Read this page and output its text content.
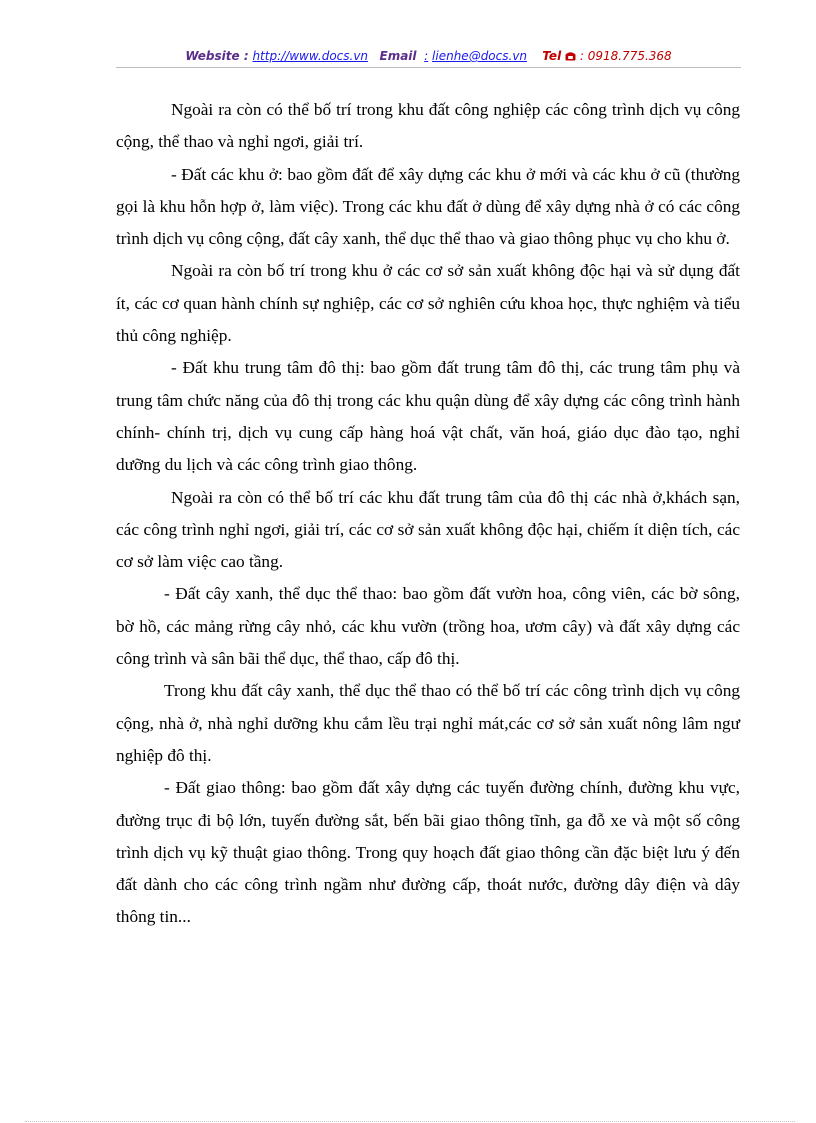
Website : http://www.docs.vn Email : lienhe@docs.vn Tel : 0918.775.368

Ngoài ra còn có thể bố trí trong khu đất công nghiệp các công trình dịch vụ công cộng, thể thao và nghỉ ngơi, giải trí.

- Đất các khu ở: bao gồm đất để xây dựng các khu ở mới và các khu ở cũ (thường gọi là khu hỗn hợp ở, làm việc). Trong các khu đất ở dùng để xây dựng nhà ở có các công trình dịch vụ công cộng, đất cây xanh, thể dục thể thao và giao thông phục vụ cho khu ở.

Ngoài ra còn bố trí trong khu ở các cơ sở sản xuất không độc hại và sử dụng đất ít, các cơ quan hành chính sự nghiệp, các cơ sở nghiên cứu khoa học, thực nghiệm và tiểu thủ công nghiệp.

- Đất khu trung tâm đô thị: bao gồm đất trung tâm đô thị, các trung tâm phụ và trung tâm chức năng của đô thị trong các khu quận dùng để xây dựng các công trình hành chính- chính trị, dịch vụ cung cấp hàng hoá vật chất, văn hoá, giáo dục đào tạo, nghỉ dưỡng du lịch và các công trình giao thông.

Ngoài ra còn có thể bố trí các khu đất trung tâm của đô thị các nhà ở,khách sạn, các công trình nghỉ ngơi, giải trí, các cơ sở sản xuất không độc hại, chiếm ít diện tích, các cơ sở làm việc cao tầng.

- Đất cây xanh, thể dục thể thao: bao gồm đất vườn hoa, công viên, các bờ sông, bờ hồ, các mảng rừng cây nhỏ, các khu vườn (trồng hoa, ươm cây) và đất xây dựng các công trình và sân bãi thể dục, thể thao, cấp đô thị.

Trong khu đất cây xanh, thể dục thể thao có thể bố trí các công trình dịch vụ công cộng, nhà ở, nhà nghỉ dưỡng khu cắm lều trại nghỉ mát,các cơ sở sản xuất nông lâm ngư nghiệp đô thị.

- Đất giao thông: bao gồm đất xây dựng các tuyến đường chính, đường khu vực, đường trục đi bộ lớn, tuyến đường sắt, bến bãi giao thông tĩnh, ga đỗ xe và một số công trình dịch vụ kỹ thuật giao thông. Trong quy hoạch đất giao thông cần đặc biệt lưu ý đến đất dành cho các công trình ngầm như đường cấp, thoát nước, đường dây điện và dây thông tin...
